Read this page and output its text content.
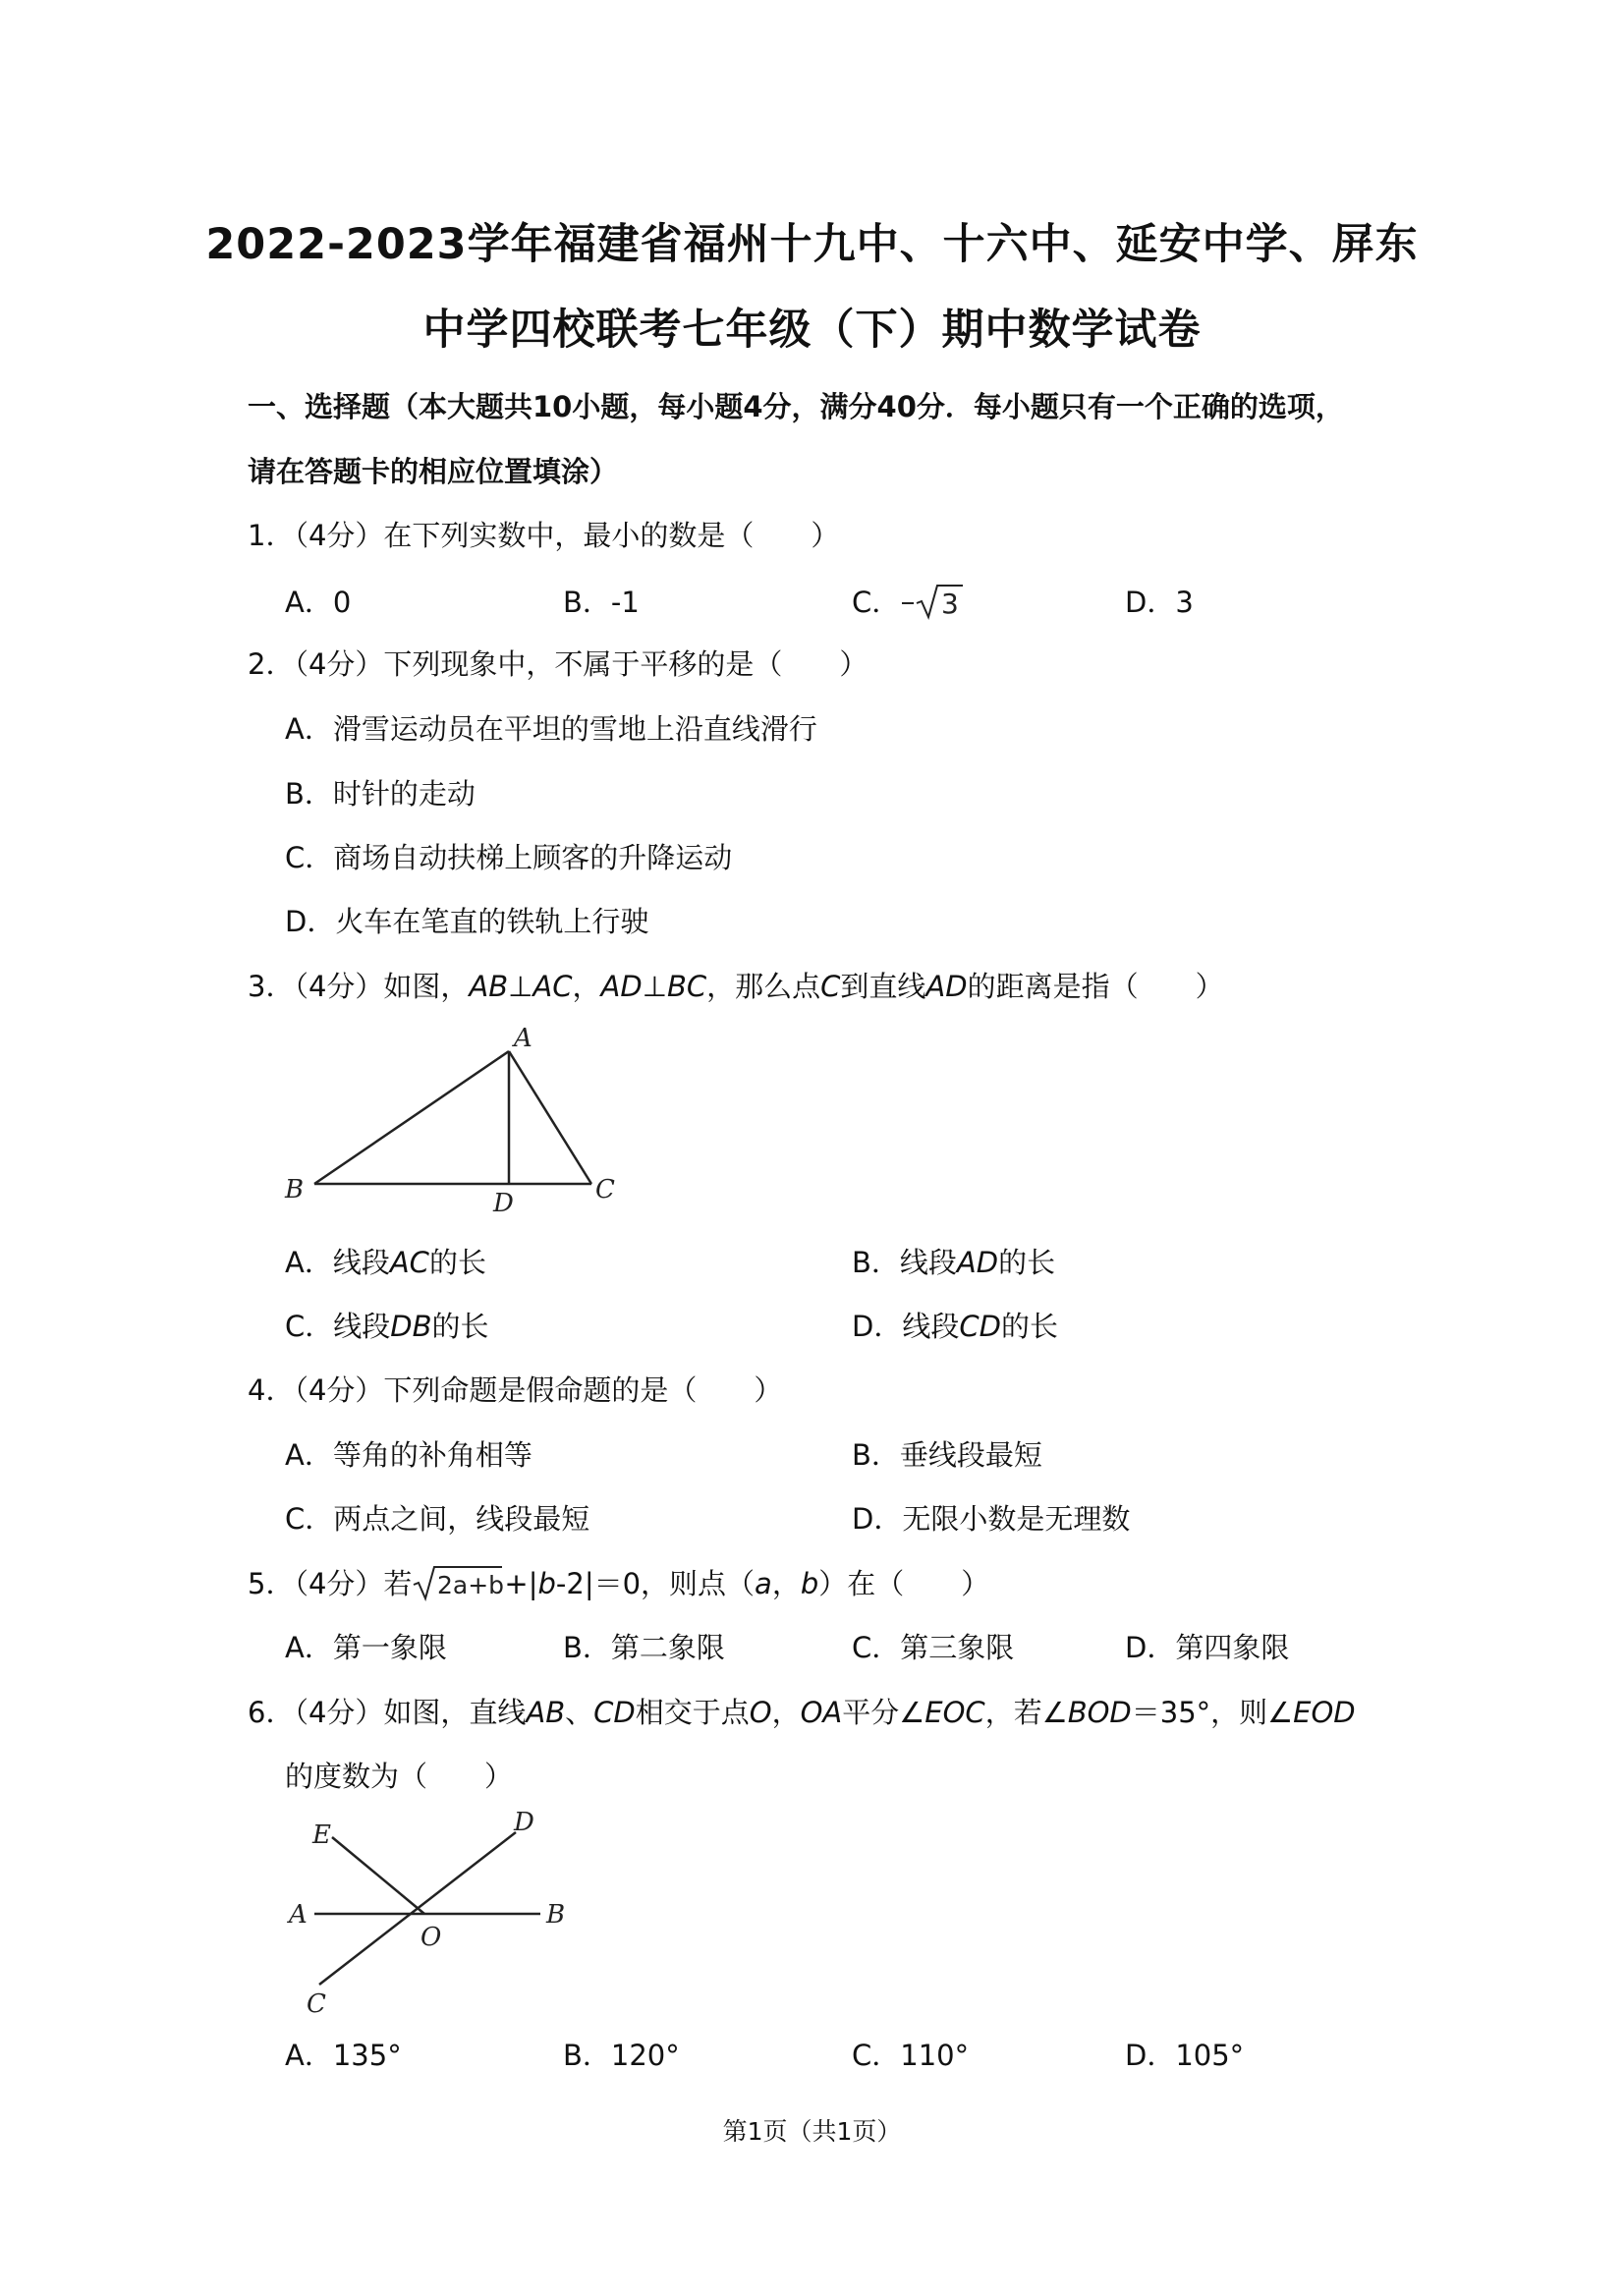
2022-2023学年福建省福州十九中、十六中、延安中学、屏东
中学四校联考七年级（下）期中数学试卷
一、选择题（本大题共10小题，每小题4分，满分40分．每小题只有一个正确的选项，
请在答题卡的相应位置填涂）
1．（4分）在下列实数中，最小的数是（　　）
A．0	B．-1	C． 3	D．3
2．（4分）下列现象中，不属于平移的是（　　）
A．滑雪运动员在平坦的雪地上沿直线滑行
B．时针的走动
C．商场自动扶梯上顾客的升降运动
D．火车在笔直的铁轨上行驶
3．（4分）如图，AB⊥AC，AD⊥BC，那么点C到直线AD的距离是指（　　）
A
B	D	C
A．线段AC的长	B．线段AD的长
C．线段DB的长	D．线段CD的长
4．（4分）下列命题是假命题的是（　　）
A．等角的补角相等	B．垂线段最短
C．两点之间，线段最短	D．无限小数是无理数
5．（4分）若 2a+b +|b-2|＝0，则点（a，b）在（　　）
A．第一象限	B．第二象限	C．第三象限	D．第四象限
6．（4分）如图，直线AB、CD相交于点O，OA平分∠EOC，若∠BOD＝35°，则∠EOD
的度数为（　　）
E	D
A
O
B
C
A．135°	B．120°	C．110°	D．105°
第1页（共1页）
